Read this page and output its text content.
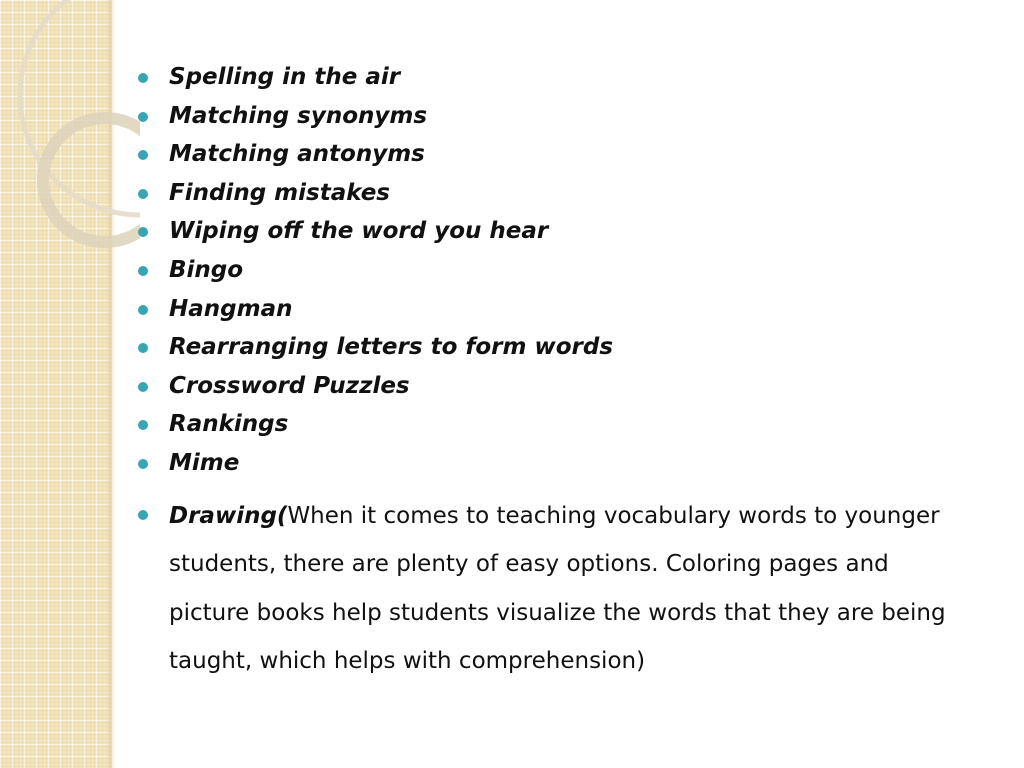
Spelling in the air
Matching synonyms
Matching antonyms
Finding mistakes
Wiping off the word you hear
Bingo
Hangman
Rearranging letters to form words
Crossword Puzzles
Rankings
Mime
Drawing(When it comes to teaching vocabulary words to younger students, there are plenty of easy options. Coloring pages and picture books help students visualize the words that they are being taught, which helps with comprehension)
